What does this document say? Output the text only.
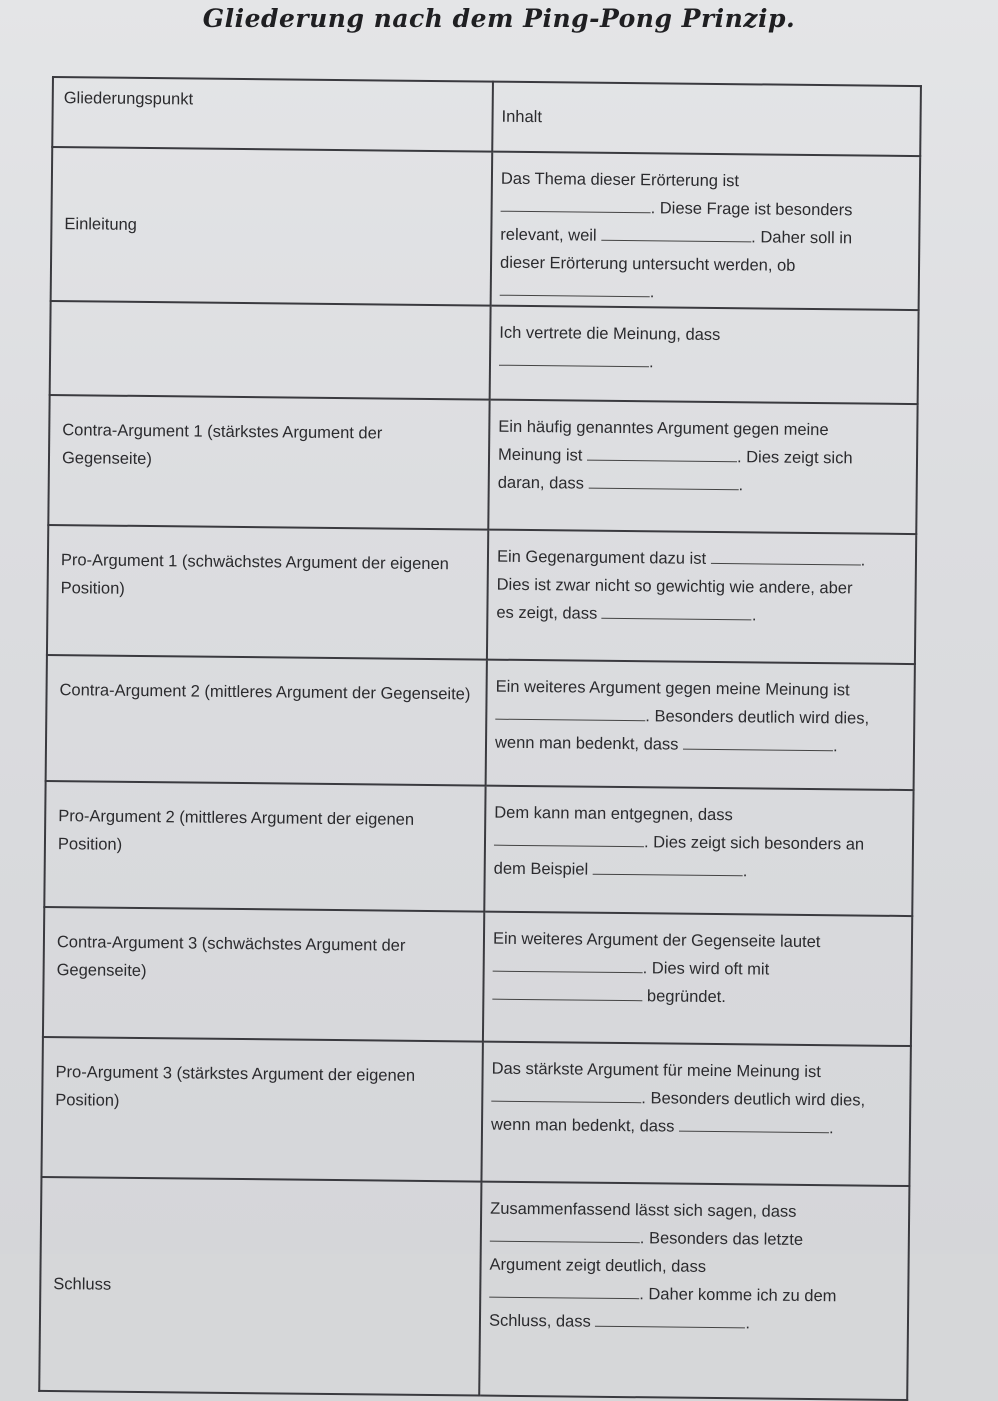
Gliederung nach dem Ping-Pong Prinzip.
Gliederungspunkt	Inhalt
Einleitung	Das Thema dieser Erörterung ist
. Diese Frage ist besonders
relevant, weil . Daher soll in
dieser Erörterung untersucht werden, ob
.

	Ich vertrete die Meinung, dass
.

Contra-Argument 1 (stärkstes Argument der Gegenseite)	Ein häufig genanntes Argument gegen meine
Meinung ist . Dies zeigt sich
daran, dass .

Pro-Argument 1 (schwächstes Argument der eigenen Position)	Ein Gegenargument dazu ist .
Dies ist zwar nicht so gewichtig wie andere, aber
es zeigt, dass .

Contra-Argument 2 (mittleres Argument der Gegenseite)	Ein weiteres Argument gegen meine Meinung ist
. Besonders deutlich wird dies,
wenn man bedenkt, dass .

Pro-Argument 2 (mittleres Argument der eigenen Position)	Dem kann man entgegnen, dass
. Dies zeigt sich besonders an
dem Beispiel .

Contra-Argument 3 (schwächstes Argument der Gegenseite)	Ein weiteres Argument der Gegenseite lautet
. Dies wird oft mit
begründet.

Pro-Argument 3 (stärkstes Argument der eigenen Position)	Das stärkste Argument für meine Meinung ist
. Besonders deutlich wird dies,
wenn man bedenkt, dass .

Schluss	Zusammenfassend lässt sich sagen, dass
. Besonders das letzte
Argument zeigt deutlich, dass
. Daher komme ich zu dem
Schluss, dass .
